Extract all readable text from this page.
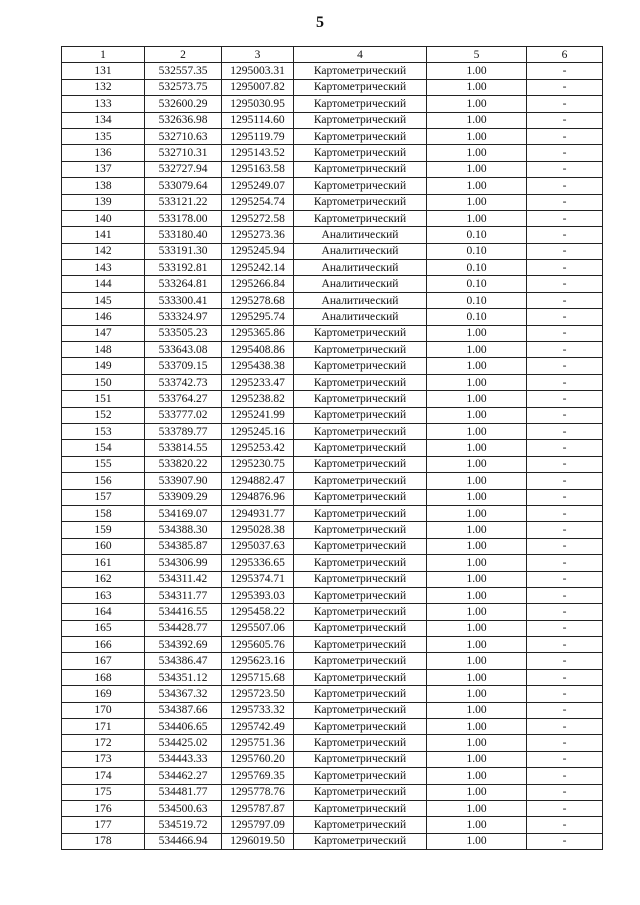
5
1	2	3	4	5	6
131	532557.35	1295003.31	Картометрический	1.00	-
132	532573.75	1295007.82	Картометрический	1.00	-
133	532600.29	1295030.95	Картометрический	1.00	-
134	532636.98	1295114.60	Картометрический	1.00	-
135	532710.63	1295119.79	Картометрический	1.00	-
136	532710.31	1295143.52	Картометрический	1.00	-
137	532727.94	1295163.58	Картометрический	1.00	-
138	533079.64	1295249.07	Картометрический	1.00	-
139	533121.22	1295254.74	Картометрический	1.00	-
140	533178.00	1295272.58	Картометрический	1.00	-
141	533180.40	1295273.36	Аналитический	0.10	-
142	533191.30	1295245.94	Аналитический	0.10	-
143	533192.81	1295242.14	Аналитический	0.10	-
144	533264.81	1295266.84	Аналитический	0.10	-
145	533300.41	1295278.68	Аналитический	0.10	-
146	533324.97	1295295.74	Аналитический	0.10	-
147	533505.23	1295365.86	Картометрический	1.00	-
148	533643.08	1295408.86	Картометрический	1.00	-
149	533709.15	1295438.38	Картометрический	1.00	-
150	533742.73	1295233.47	Картометрический	1.00	-
151	533764.27	1295238.82	Картометрический	1.00	-
152	533777.02	1295241.99	Картометрический	1.00	-
153	533789.77	1295245.16	Картометрический	1.00	-
154	533814.55	1295253.42	Картометрический	1.00	-
155	533820.22	1295230.75	Картометрический	1.00	-
156	533907.90	1294882.47	Картометрический	1.00	-
157	533909.29	1294876.96	Картометрический	1.00	-
158	534169.07	1294931.77	Картометрический	1.00	-
159	534388.30	1295028.38	Картометрический	1.00	-
160	534385.87	1295037.63	Картометрический	1.00	-
161	534306.99	1295336.65	Картометрический	1.00	-
162	534311.42	1295374.71	Картометрический	1.00	-
163	534311.77	1295393.03	Картометрический	1.00	-
164	534416.55	1295458.22	Картометрический	1.00	-
165	534428.77	1295507.06	Картометрический	1.00	-
166	534392.69	1295605.76	Картометрический	1.00	-
167	534386.47	1295623.16	Картометрический	1.00	-
168	534351.12	1295715.68	Картометрический	1.00	-
169	534367.32	1295723.50	Картометрический	1.00	-
170	534387.66	1295733.32	Картометрический	1.00	-
171	534406.65	1295742.49	Картометрический	1.00	-
172	534425.02	1295751.36	Картометрический	1.00	-
173	534443.33	1295760.20	Картометрический	1.00	-
174	534462.27	1295769.35	Картометрический	1.00	-
175	534481.77	1295778.76	Картометрический	1.00	-
176	534500.63	1295787.87	Картометрический	1.00	-
177	534519.72	1295797.09	Картометрический	1.00	-
178	534466.94	1296019.50	Картометрический	1.00	-
